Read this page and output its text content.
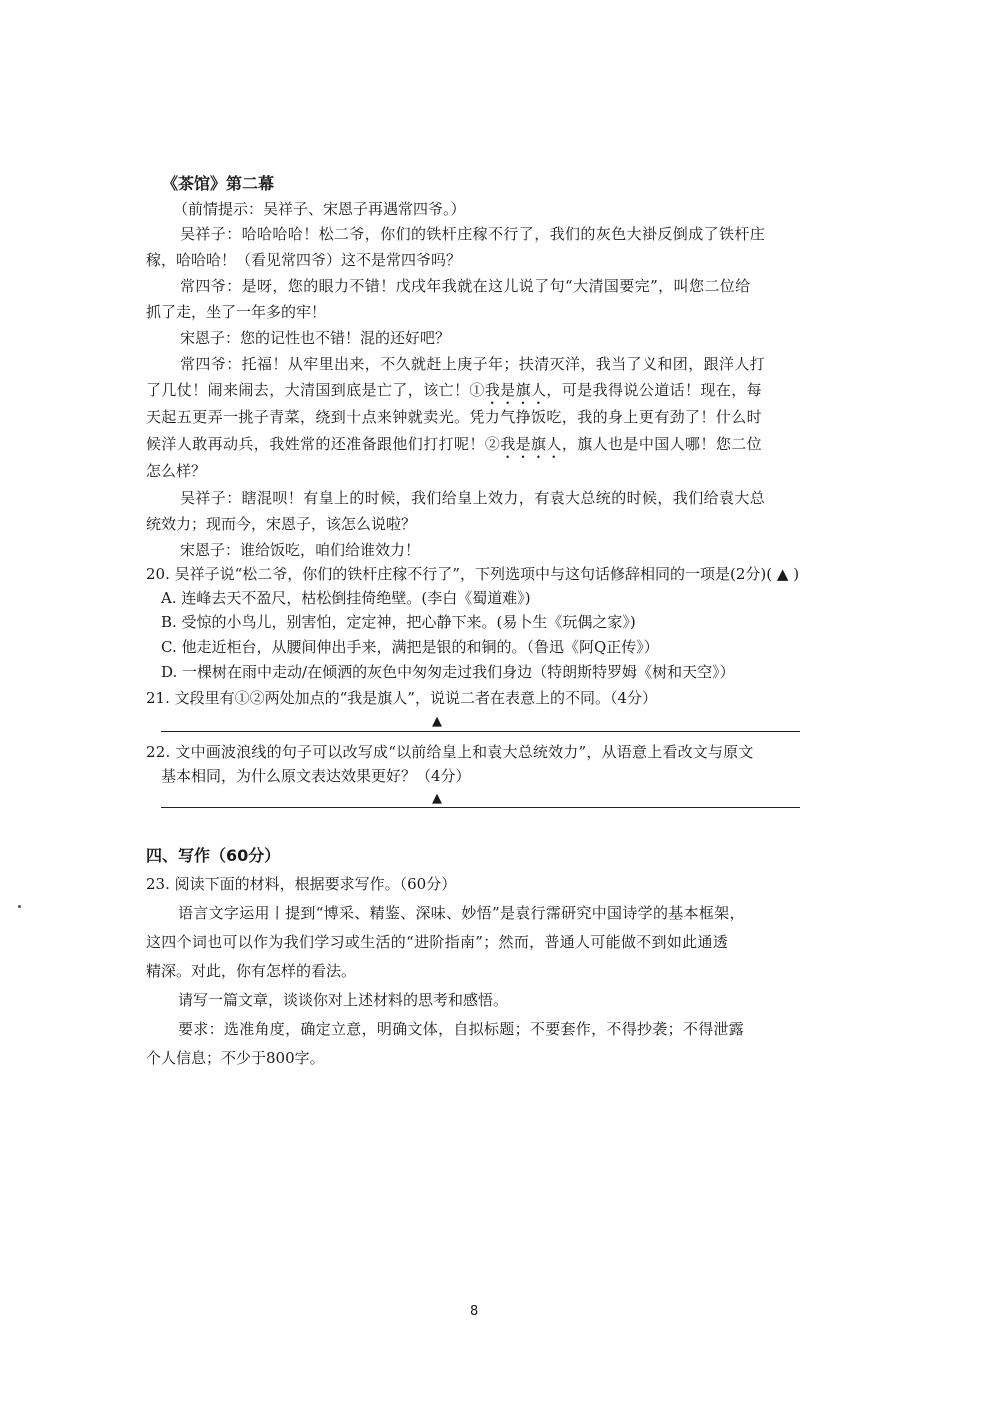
《茶馆》第二幕
（前情提示：吴祥子、宋恩子再遇常四爷。）
吴祥子：哈哈哈哈！松二爷，你们的铁杆庄稼不行了，我们的灰色大褂反倒成了铁杆庄
稼，哈哈哈！（看见常四爷）这不是常四爷吗？
常四爷：是呀，您的眼力不错！戊戌年我就在这儿说了句“大清国要完”，叫您二位给
抓了走，坐了一年多的牢！
宋恩子：您的记性也不错！混的还好吧？
常四爷：托福！从牢里出来，不久就赶上庚子年；扶清灭洋，我当了义和团，跟洋人打
了几仗！闹来闹去，大清国到底是亡了，该亡！①我是旗人，可是我得说公道话！现在，每
天起五更弄一挑子青菜，绕到十点来钟就卖光。凭力气挣饭吃，我的身上更有劲了！什么时
候洋人敢再动兵，我姓常的还准备跟他们打打呢！②我是旗人，旗人也是中国人哪！您二位
怎么样？
吴祥子：瞎混呗！有皇上的时候，我们给皇上效力，有袁大总统的时候，我们给袁大总
统效力；现而今，宋恩子，该怎么说啦？
宋恩子：谁给饭吃，咱们给谁效力！
20. 吴祥子说“松二爷，你们的铁杆庄稼不行了”，下列选项中与这句话修辞相同的一项是(2分)( ▲ )
A. 连峰去天不盈尺，枯松倒挂倚绝壁。(李白《蜀道难》)
B. 受惊的小鸟儿，别害怕，定定神，把心静下来。(易卜生《玩偶之家》)
C. 他走近柜台，从腰间伸出手来，满把是银的和铜的。（鲁迅《阿Q正传》）
D. 一棵树在雨中走动/在倾洒的灰色中匆匆走过我们身边（特朗斯特罗姆《树和天空》）
21. 文段里有①②两处加点的“我是旗人”，说说二者在表意上的不同。（4分）
▲
22. 文中画波浪线的句子可以改写成“以前给皇上和袁大总统效力”，从语意上看改文与原文
基本相同，为什么原文表达效果更好？（4分）
▲
四、写作（60分）
23. 阅读下面的材料，根据要求写作。（60分）
语言文字运用丨提到“博采、精鉴、深味、妙悟”是袁行霈研究中国诗学的基本框架，
这四个词也可以作为我们学习或生活的“进阶指南”；然而，普通人可能做不到如此通透
精深。对此，你有怎样的看法。
请写一篇文章，谈谈你对上述材料的思考和感悟。
要求：选准角度，确定立意，明确文体，自拟标题；不要套作，不得抄袭；不得泄露
个人信息；不少于800字。
8
